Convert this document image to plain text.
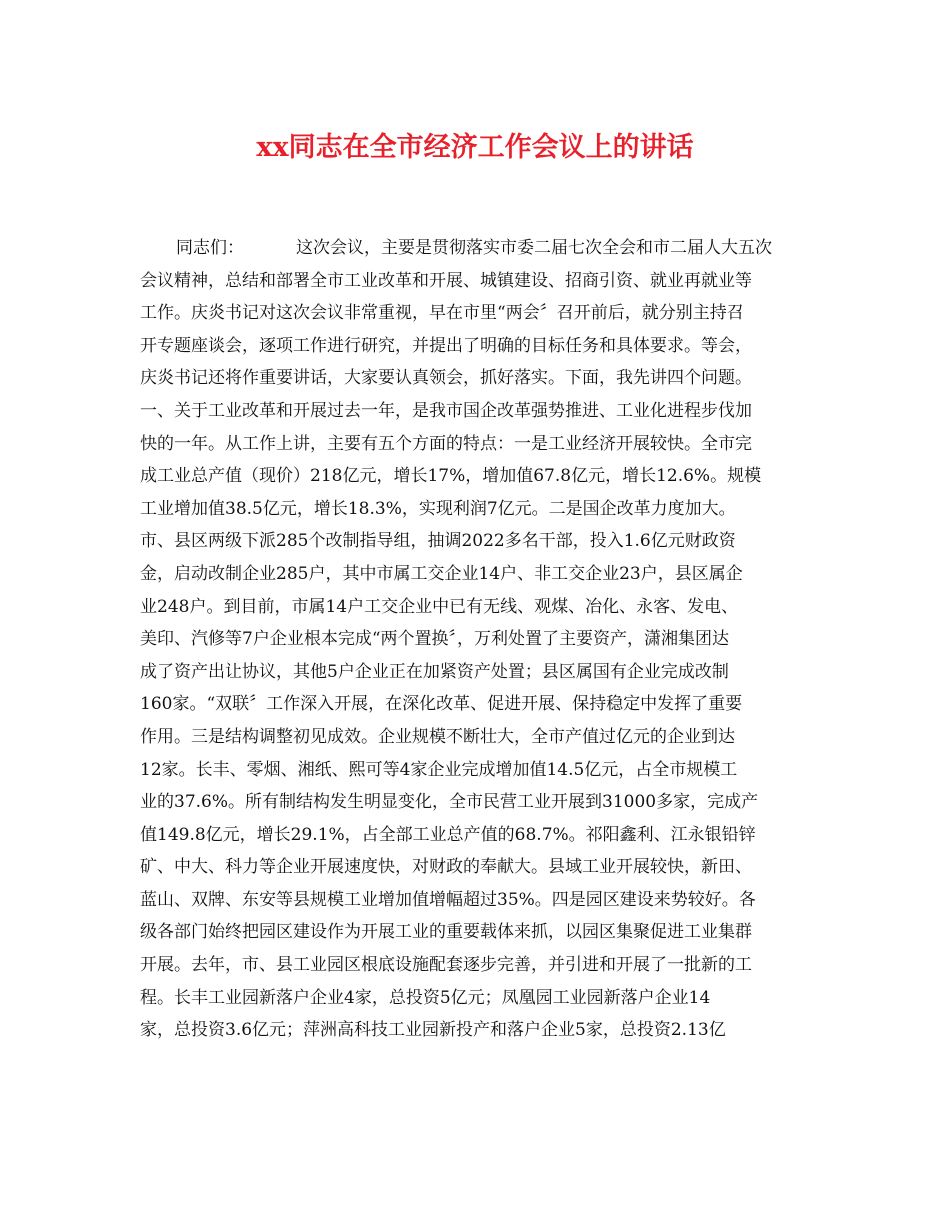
xx同志在全市经济工作会议上的讲话
同志们：	这次会议，主要是贯彻落实市委二届七次全会和市二届人大五次
会议精神，总结和部署全市工业改革和开展、城镇建设、招商引资、就业再就业等
工作。庆炎书记对这次会议非常重视，早在市里“两会〞召开前后，就分别主持召
开专题座谈会，逐项工作进行研究，并提出了明确的目标任务和具体要求。等会，
庆炎书记还将作重要讲话，大家要认真领会，抓好落实。下面，我先讲四个问题。
一、关于工业改革和开展过去一年，是我市国企改革强势推进、工业化进程步伐加
快的一年。从工作上讲，主要有五个方面的特点：一是工业经济开展较快。全市完
成工业总产值（现价）218亿元，增长17%，增加值67.8亿元，增长12.6%。规模
工业增加值38.5亿元，增长18.3%，实现利润7亿元。二是国企改革力度加大。
市、县区两级下派285个改制指导组，抽调2022多名干部，投入1.6亿元财政资
金，启动改制企业285户，其中市属工交企业14户、非工交企业23户，县区属企
业248户。到目前，市属14户工交企业中已有无线、观煤、冶化、永客、发电、
美印、汽修等7户企业根本完成“两个置换〞，万利处置了主要资产，潇湘集团达
成了资产出让协议，其他5户企业正在加紧资产处置；县区属国有企业完成改制
160家。“双联〞工作深入开展，在深化改革、促进开展、保持稳定中发挥了重要
作用。三是结构调整初见成效。企业规模不断壮大，全市产值过亿元的企业到达
12家。长丰、零烟、湘纸、熙可等4家企业完成增加值14.5亿元，占全市规模工
业的37.6%。所有制结构发生明显变化，全市民营工业开展到31000多家，完成产
值149.8亿元，增长29.1%，占全部工业总产值的68.7%。祁阳鑫利、江永银铅锌
矿、中大、科力等企业开展速度快，对财政的奉献大。县域工业开展较快，新田、
蓝山、双牌、东安等县规模工业增加值增幅超过35%。四是园区建设来势较好。各
级各部门始终把园区建设作为开展工业的重要载体来抓，以园区集聚促进工业集群
开展。去年，市、县工业园区根底设施配套逐步完善，并引进和开展了一批新的工
程。长丰工业园新落户企业4家，总投资5亿元；凤凰园工业园新落户企业14
家，总投资3.6亿元；萍洲高科技工业园新投产和落户企业5家，总投资2.13亿
